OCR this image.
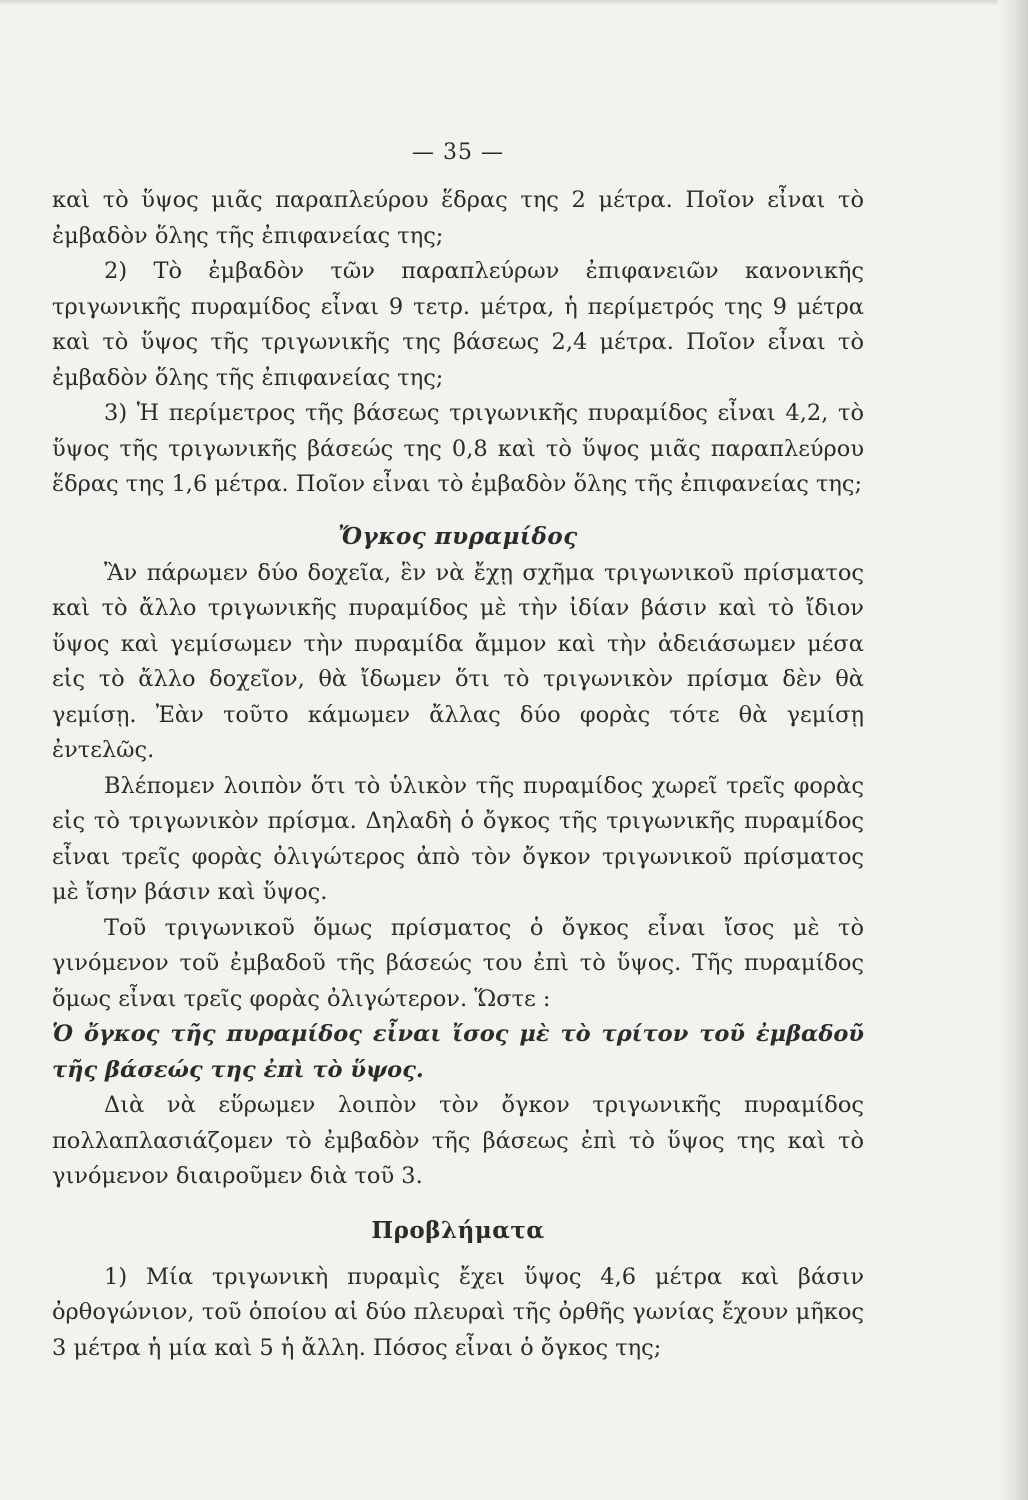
— 35 —

καὶ τὸ ὕψος μιᾶς παραπλεύρου ἕδρας της 2 μέτρα. Ποῖον εἶναι τὸ ἐμβαδὸν ὅλης τῆς ἐπιφανείας της;

2) Τὸ ἐμβαδὸν τῶν παραπλεύρων ἐπιφανειῶν κανονικῆς τριγωνικῆς πυραμίδος εἶναι 9 τετρ. μέτρα, ἡ περίμετρός της 9 μέτρα καὶ τὸ ὕψος τῆς τριγωνικῆς της βάσεως 2,4 μέτρα. Ποῖον εἶναι τὸ ἐμβαδὸν ὅλης τῆς ἐπιφανείας της;

3) Ἡ περίμετρος τῆς βάσεως τριγωνικῆς πυραμίδος εἶναι 4,2, τὸ ὕψος τῆς τριγωνικῆς βάσεώς της 0,8 καὶ τὸ ὕψος μιᾶς παραπλεύρου ἕδρας της 1,6 μέτρα. Ποῖον εἶναι τὸ ἐμβαδὸν ὅλης τῆς ἐπιφανείας της;

Ὄγκος πυραμίδος

Ἂν πάρωμεν δύο δοχεῖα, ἓν νὰ ἔχῃ σχῆμα τριγωνικοῦ πρίσματος καὶ τὸ ἄλλο τριγωνικῆς πυραμίδος μὲ τὴν ἰδίαν βάσιν καὶ τὸ ἴδιον ὕψος καὶ γεμίσωμεν τὴν πυραμίδα ἄμμον καὶ τὴν ἀδειάσωμεν μέσα εἰς τὸ ἄλλο δοχεῖον, θὰ ἴδωμεν ὅτι τὸ τριγωνικὸν πρίσμα δὲν θὰ γεμίσῃ. Ἐὰν τοῦτο κάμωμεν ἄλλας δύο φορὰς τότε θὰ γεμίσῃ ἐντελῶς.

Βλέπομεν λοιπὸν ὅτι τὸ ὑλικὸν τῆς πυραμίδος χωρεῖ τρεῖς φορὰς εἰς τὸ τριγωνικὸν πρίσμα. Δηλαδὴ ὁ ὄγκος τῆς τριγωνικῆς πυραμίδος εἶναι τρεῖς φορὰς ὀλιγώτερος ἀπὸ τὸν ὄγκον τριγωνικοῦ πρίσματος μὲ ἴσην βάσιν καὶ ὕψος.

Τοῦ τριγωνικοῦ ὅμως πρίσματος ὁ ὄγκος εἶναι ἴσος μὲ τὸ γινόμενον τοῦ ἐμβαδοῦ τῆς βάσεώς του ἐπὶ τὸ ὕψος. Τῆς πυραμίδος ὅμως εἶναι τρεῖς φορὰς ὀλιγώτερον. Ὥστε :

Ὁ ὄγκος τῆς πυραμίδος εἶναι ἴσος μὲ τὸ τρίτον τοῦ ἐμβαδοῦ τῆς βάσεώς της ἐπὶ τὸ ὕψος.

Διὰ νὰ εὕρωμεν λοιπὸν τὸν ὄγκον τριγωνικῆς πυραμίδος πολλαπλασιάζομεν τὸ ἐμβαδὸν τῆς βάσεως ἐπὶ τὸ ὕψος της καὶ τὸ γινόμενον διαιροῦμεν διὰ τοῦ 3.

Προβλήματα

1) Μία τριγωνικὴ πυραμὶς ἔχει ὕψος 4,6 μέτρα καὶ βάσιν ὀρθογώνιον, τοῦ ὁποίου αἱ δύο πλευραὶ τῆς ὀρθῆς γωνίας ἔχουν μῆκος 3 μέτρα ἡ μία καὶ 5 ἡ ἄλλη. Πόσος εἶναι ὁ ὄγκος της;
